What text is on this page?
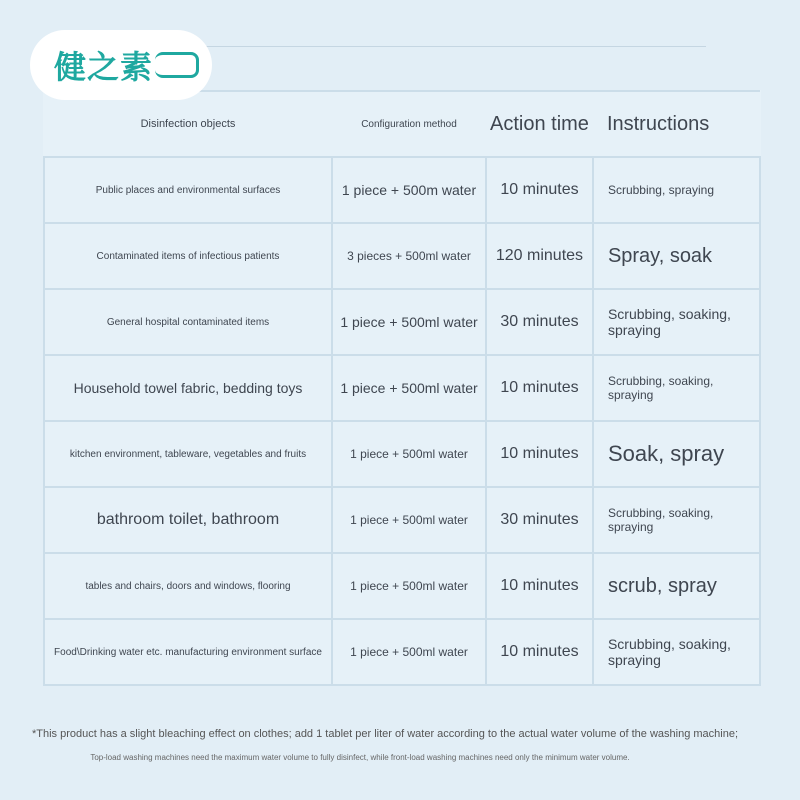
健之素
Disinfection objects	Configuration method	Action time	Instructions
Public places and environmental surfaces	1 piece + 500m water	10 minutes	Scrubbing, spraying
Contaminated items of infectious patients	3 pieces + 500ml water	120 minutes	Spray, soak
General hospital contaminated items	1 piece + 500ml water	30 minutes	Scrubbing, soaking, spraying
Household towel fabric, bedding toys	1 piece + 500ml water	10 minutes	Scrubbing, soaking, spraying
kitchen environment, tableware, vegetables and fruits	1 piece + 500ml water	10 minutes	Soak, spray
bathroom toilet, bathroom	1 piece + 500ml water	30 minutes	Scrubbing, soaking, spraying
tables and chairs, doors and windows, flooring	1 piece + 500ml water	10 minutes	scrub, spray
Food\Drinking water etc. manufacturing environment surface	1 piece + 500ml water	10 minutes	Scrubbing, soaking, spraying
*This product has a slight bleaching effect on clothes; add 1 tablet per liter of water according to the actual water volume of the washing machine;
Top-load washing machines need the maximum water volume to fully disinfect, while front-load washing machines need only the minimum water volume.
